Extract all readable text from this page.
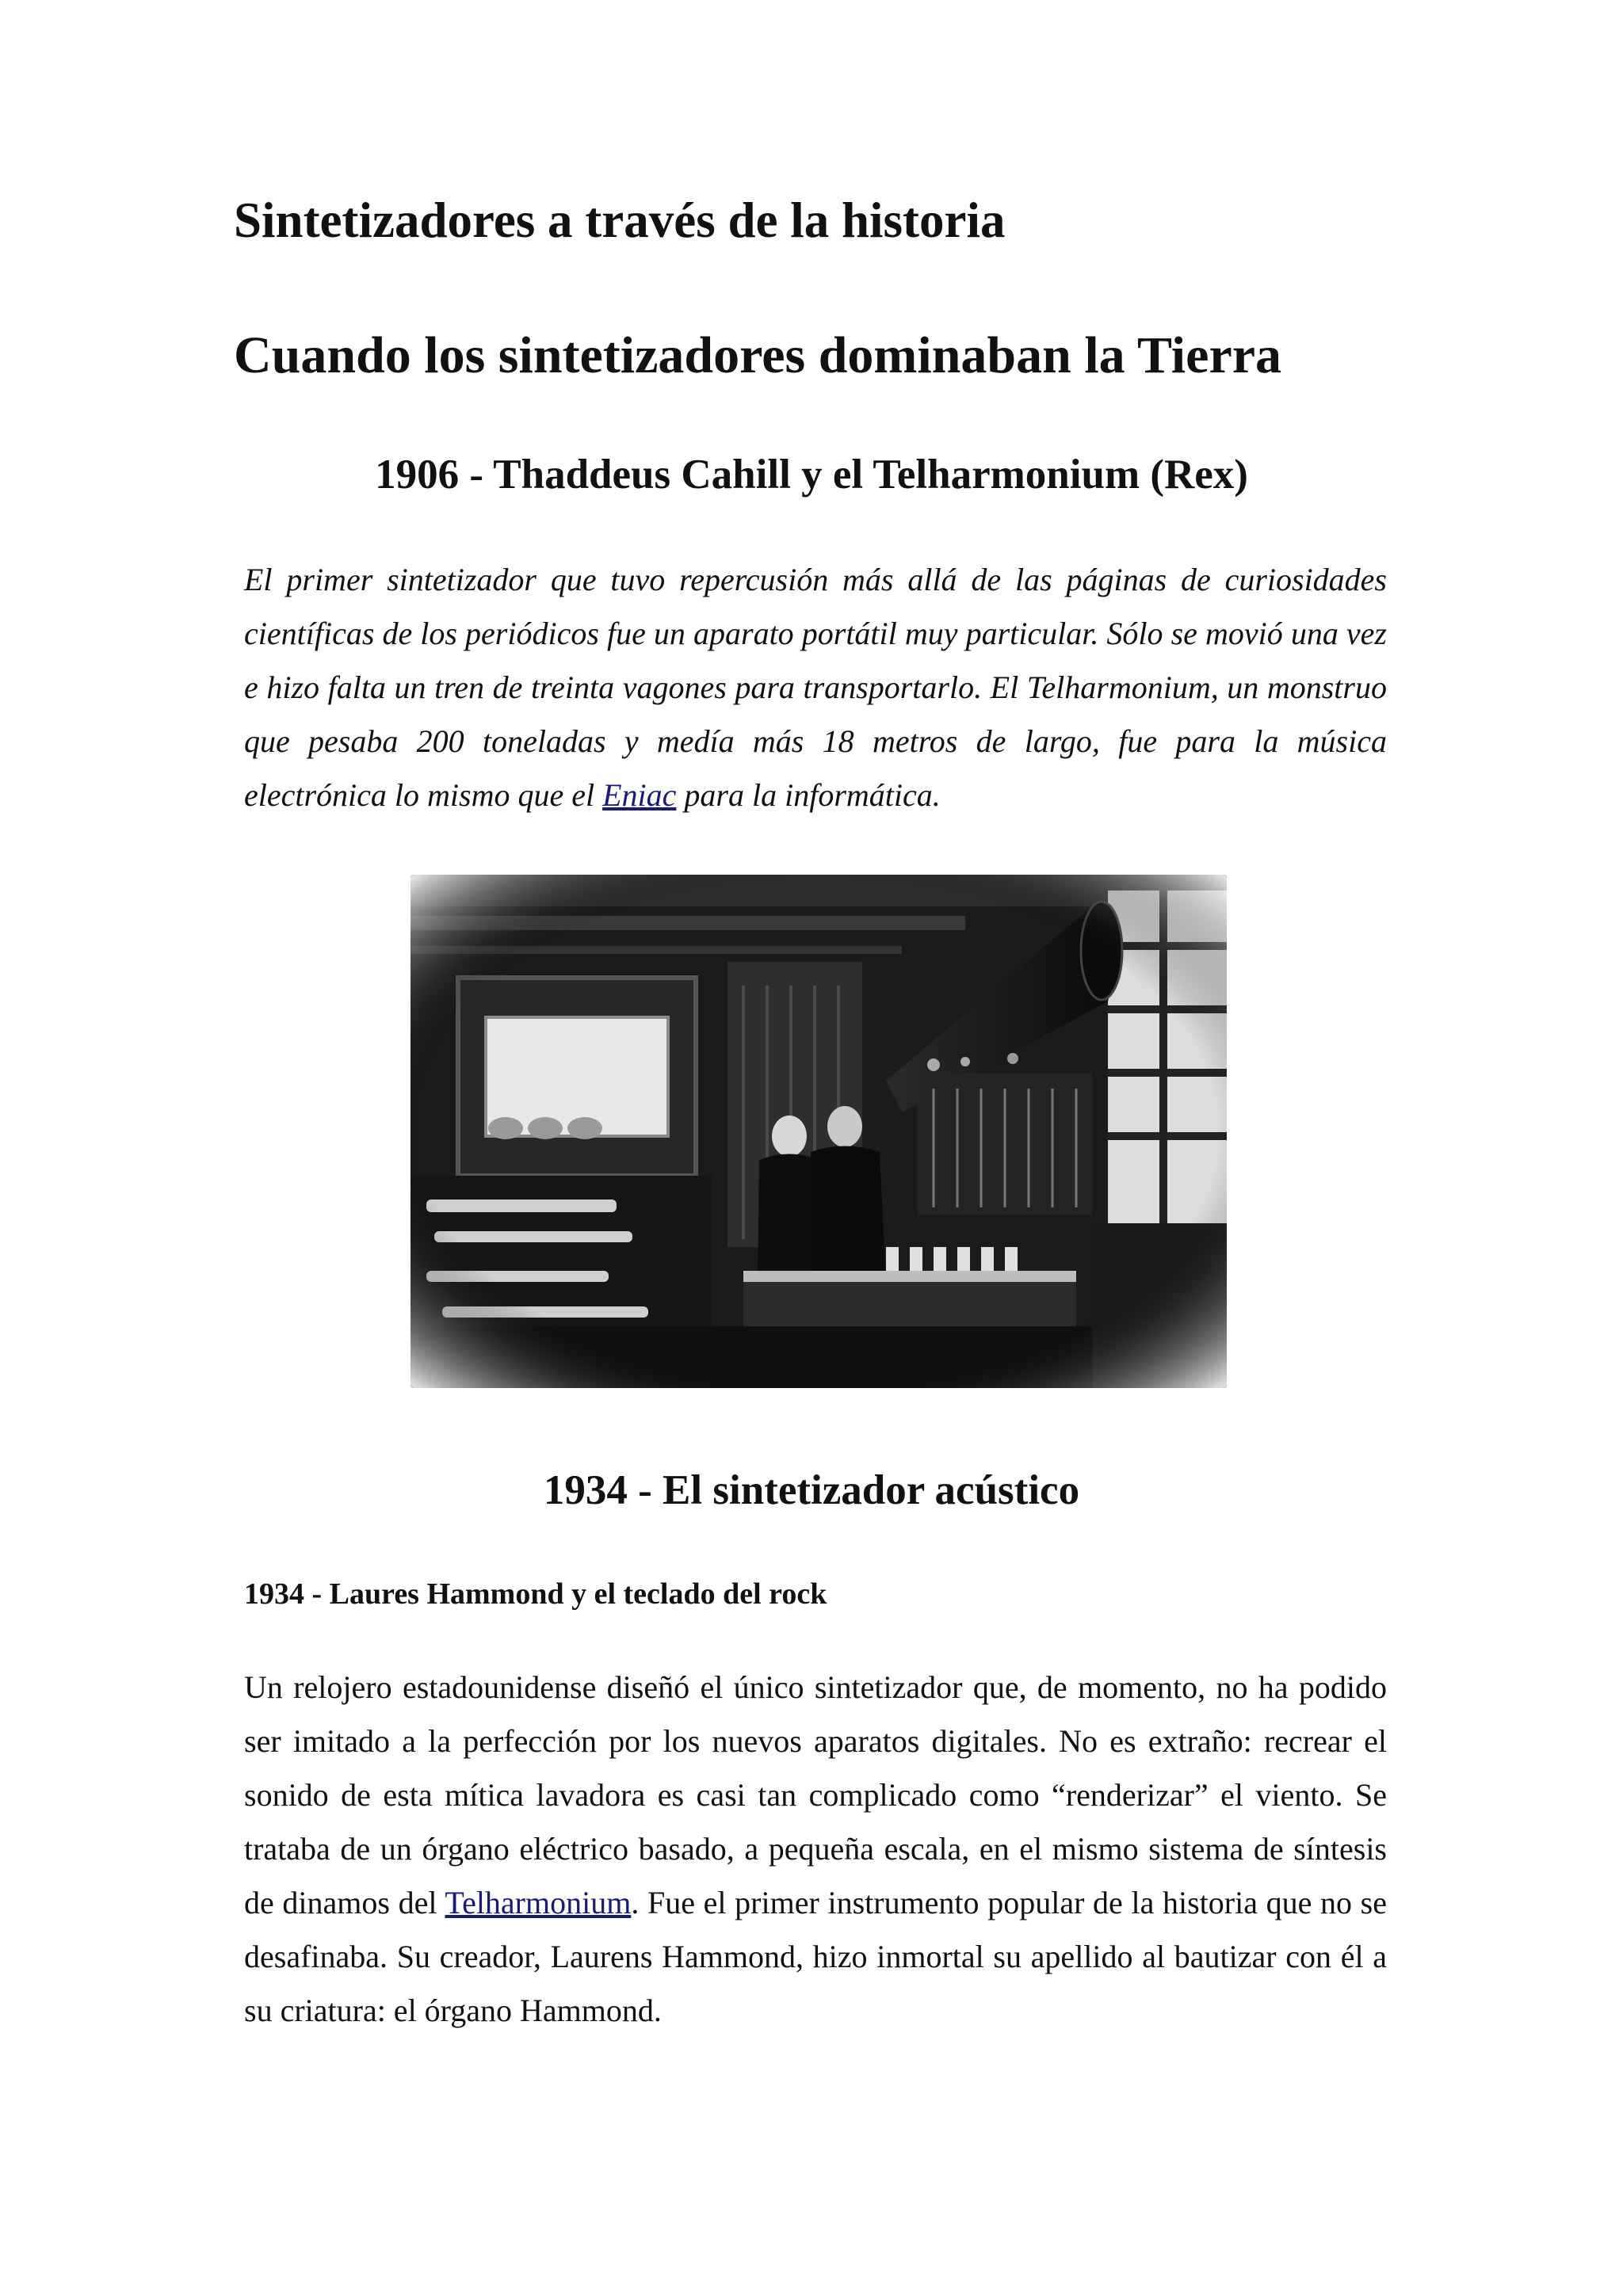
Sintetizadores a través de la historia
Cuando los sintetizadores dominaban la Tierra
1906 - Thaddeus Cahill y el Telharmonium (Rex)

El primer sintetizador que tuvo repercusión más allá de las páginas de curiosidades científicas de los periódicos fue un aparato portátil muy particular. Sólo se movió una vez e hizo falta un tren de treinta vagones para transportarlo. El Telharmonium, un monstruo que pesaba 200 toneladas y medía más 18 metros de largo, fue para la música electrónica lo mismo que el Eniac para la informática.

1934 - El sintetizador acústico
1934 - Laures Hammond y el teclado del rock

Un relojero estadounidense diseñó el único sintetizador que, de momento, no ha podido ser imitado a la perfección por los nuevos aparatos digitales. No es extraño: recrear el sonido de esta mítica lavadora es casi tan complicado como “renderizar” el viento. Se trataba de un órgano eléctrico basado, a pequeña escala, en el mismo sistema de síntesis de dinamos del Telharmonium. Fue el primer instrumento popular de la historia que no se desafinaba. Su creador, Laurens Hammond, hizo inmortal su apellido al bautizar con él a su criatura: el órgano Hammond.
